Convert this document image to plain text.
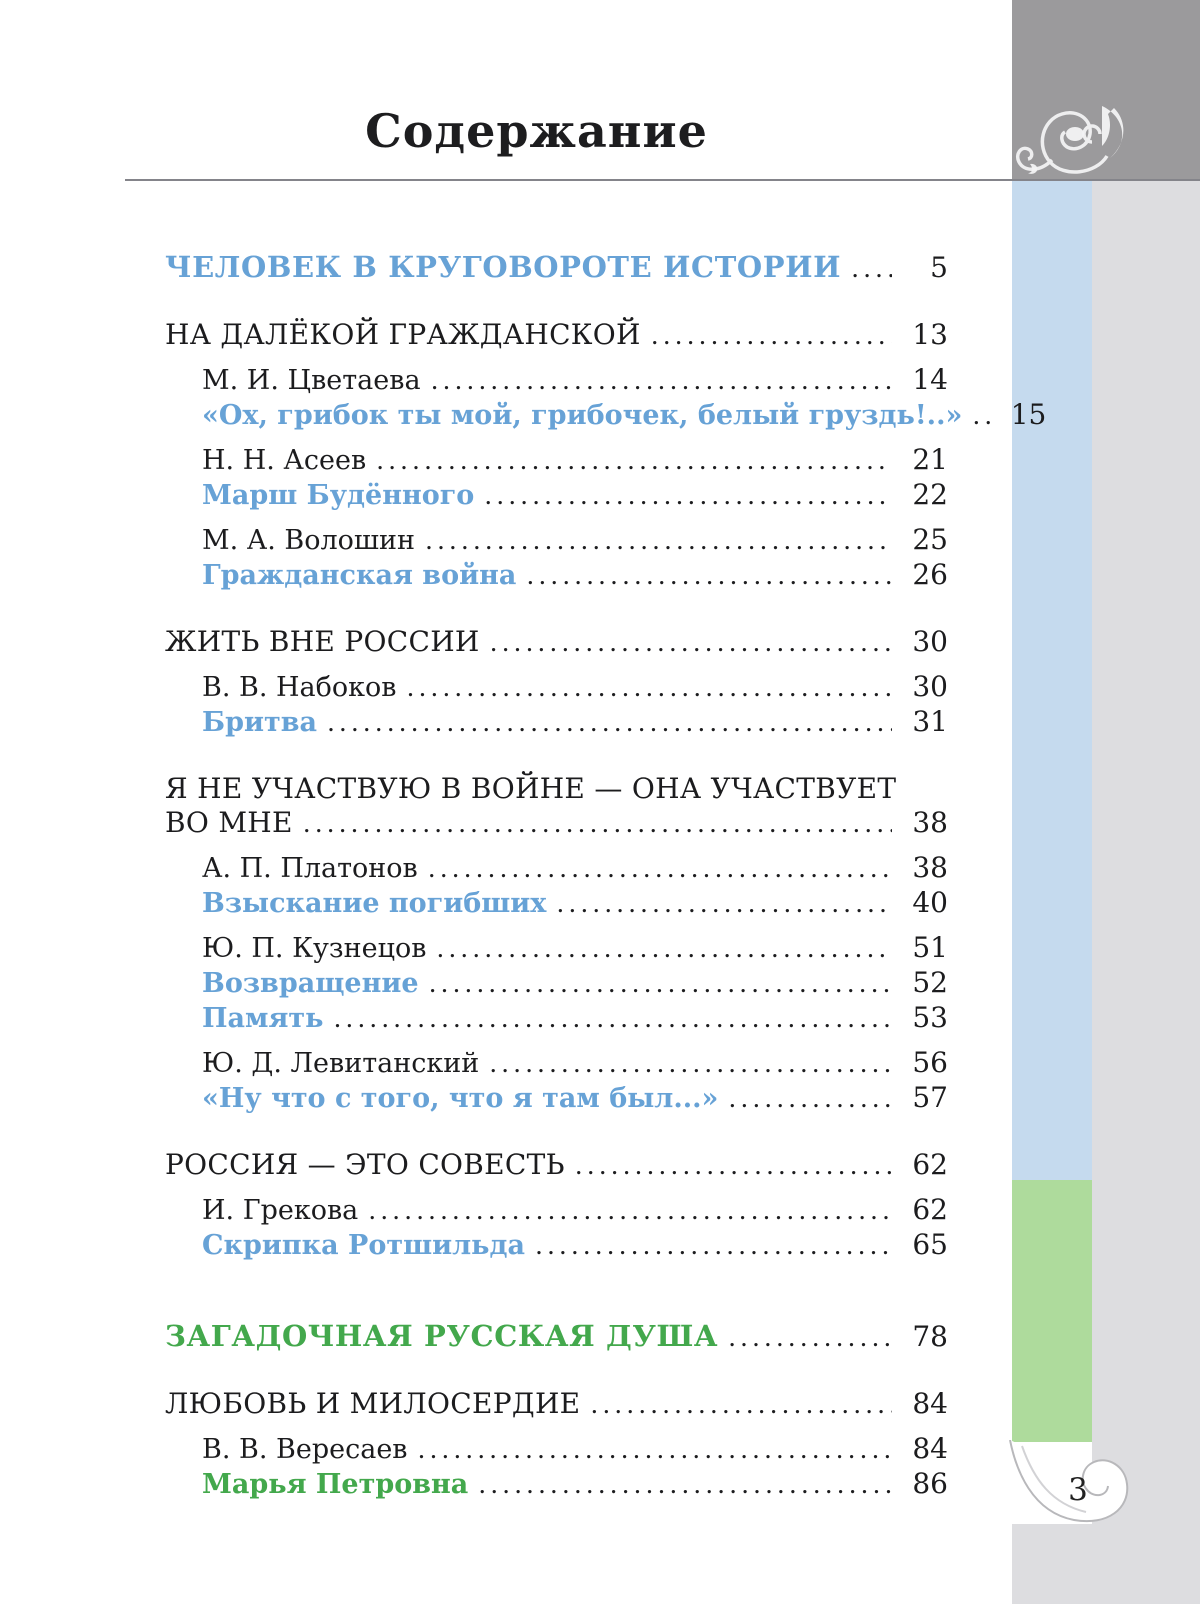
3
Содержание
ЧЕЛОВЕК В КРУГОВОРОТЕ ИСТОРИИ .....	5
НА ДАЛЁКОЙ ГРАЖДАНСКОЙ .....	13
М. И. Цветаева .....	14
«Ох, грибок ты мой, грибочек, белый груздь!..» .....	15
Н. Н. Асеев .....	21
Марш Будённого .....	22
М. А. Волошин .....	25
Гражданская война .....	26
ЖИТЬ ВНЕ РОССИИ .....	30
В. В. Набоков .....	30
Бритва .....	31
Я НЕ УЧАСТВУЮ В ВОЙНЕ — ОНА УЧАСТВУЕТ
ВО МНЕ .....	38
А. П. Платонов .....	38
Взыскание погибших .....	40
Ю. П. Кузнецов .....	51
Возвращение .....	52
Память .....	53
Ю. Д. Левитанский .....	56
«Ну что с того, что я там был...» .....	57
РОССИЯ — ЭТО СОВЕСТЬ .....	62
И. Грекова .....	62
Скрипка Ротшильда .....	65
ЗАГАДОЧНАЯ РУССКАЯ ДУША .....	78
ЛЮБОВЬ И МИЛОСЕРДИЕ .....	84
В. В. Вересаев .....	84
Марья Петровна .....	86
